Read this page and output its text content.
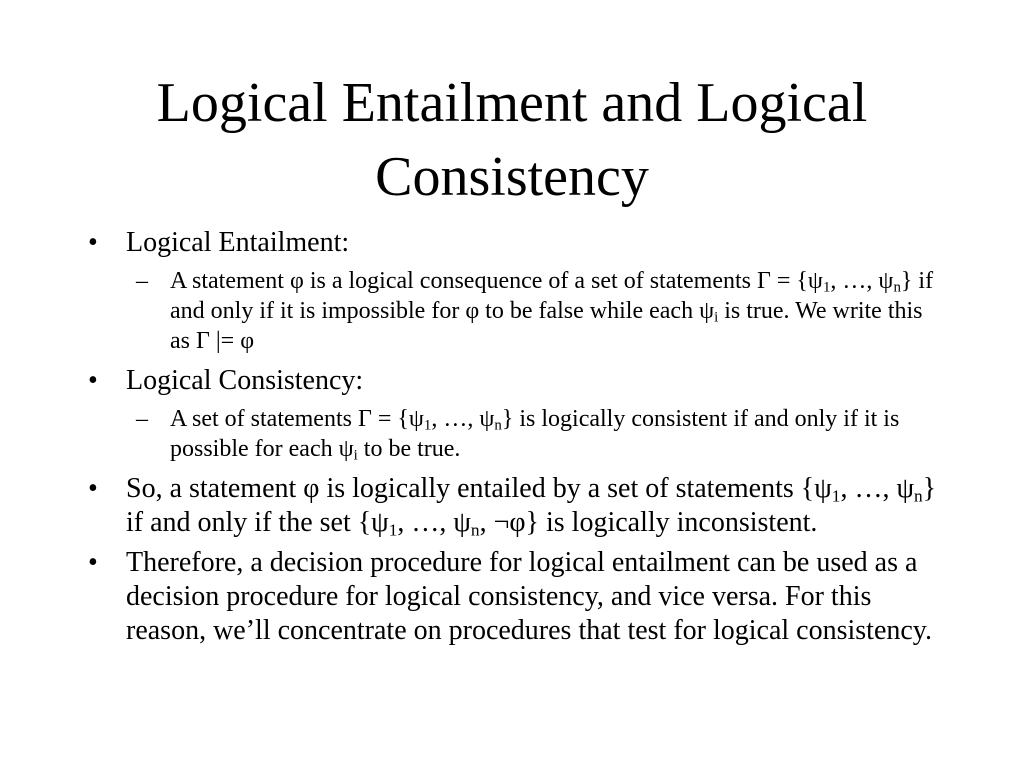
Logical Entailment and Logical
Consistency
• Logical Entailment:
– A statement φ is a logical consequence of a set of statements $\Gamma = \{\psi_1$, …, $\psi_n$} if and only if it is impossible for φ to be false while each $\psi_i$ is true. We write this as Γ |= φ
• Logical Consistency:
– A set of statements $\Gamma = \{\psi_1$, …, $\psi_n$} is logically consistent if and only if it is possible for each $\psi_i$ to be true.
• So, a statement φ is logically entailed by a set of statements {$\psi_1$, …, $\psi_n$} if and only if the set {$\psi_1$, …, $\psi_n$, ¬φ} is logically inconsistent.
• Therefore, a decision procedure for logical entailment can be used as a decision procedure for logical consistency, and vice versa. For this reason, we’ll concentrate on procedures that test for logical consistency.
